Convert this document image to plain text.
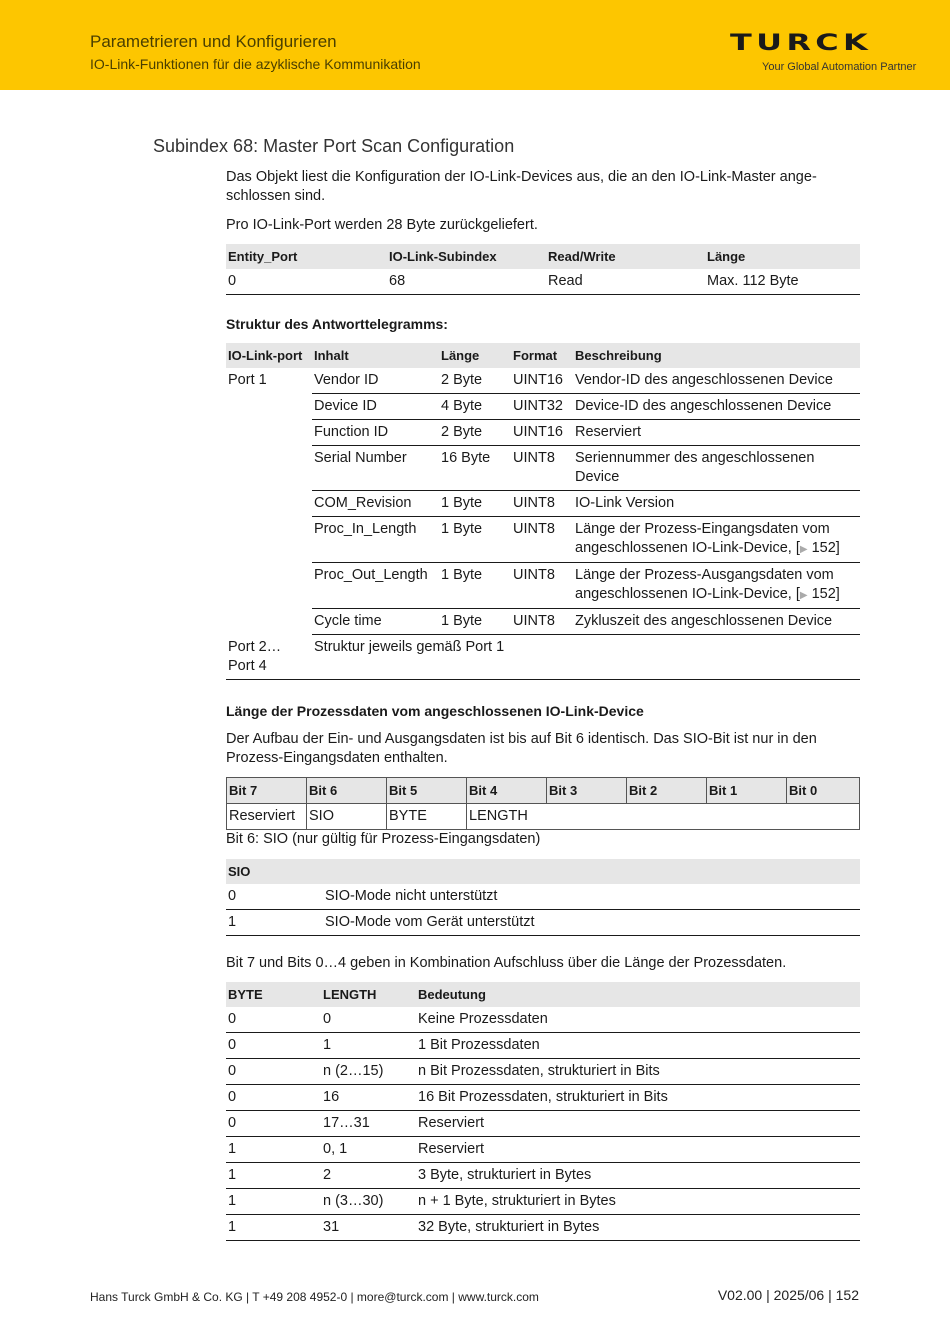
Parametrieren und Konfigurieren
IO-Link-Funktionen für die azyklische Kommunikation
TURCK
Your Global Automation Partner
Subindex 68: Master Port Scan Configuration

Das Objekt liest die Konfiguration der IO-Link-Devices aus, die an den IO-Link-Master angeschlossen sind.

Pro IO-Link-Port werden 28 Byte zurückgeliefert.

Entity_Port	IO-Link-Subindex	Read/Write	Länge
0	68	Read	Max. 112 Byte
Struktur des Antworttelegramms:
IO-Link-port	Inhalt	Länge	Format	Beschreibung
Port 1	Vendor ID	2 Byte	UINT16	Vendor-ID des angeschlossenen Device
	Device ID	4 Byte	UINT32	Device-ID des angeschlossenen Device
	Function ID	2 Byte	UINT16	Reserviert
	Serial Number	16 Byte	UINT8	Seriennummer des angeschlossenen Device
	COM_Revision	1 Byte	UINT8	IO-Link Version
	Proc_In_Length	1 Byte	UINT8	Länge der Prozess-Eingangsdaten vom angeschlossenen IO-Link-Device, [▶ 152]
	Proc_Out_Length	1 Byte	UINT8	Länge der Prozess-Ausgangsdaten vom angeschlossenen IO-Link-Device, [▶ 152]
	Cycle time	1 Byte	UINT8	Zykluszeit des angeschlossenen Device
Port 2… Port 4	Struktur jeweils gemäß Port 1			
Länge der Prozessdaten vom angeschlossenen IO-Link-Device

Der Aufbau der Ein- und Ausgangsdaten ist bis auf Bit 6 identisch. Das SIO-Bit ist nur in den Prozess-Eingangsdaten enthalten.

Bit 7	Bit 6	Bit 5	Bit 4	Bit 3	Bit 2	Bit 1	Bit 0
Reserviert	SIO	BYTE	LENGTH				

Bit 6: SIO (nur gültig für Prozess-Eingangsdaten)

SIO	
0	SIO-Mode nicht unterstützt
1	SIO-Mode vom Gerät unterstützt

Bit 7 und Bits 0…4 geben in Kombination Aufschluss über die Länge der Prozessdaten.

BYTE	LENGTH	Bedeutung
0	0	Keine Prozessdaten
0	1	1 Bit Prozessdaten
0	n (2…15)	n Bit Prozessdaten, strukturiert in Bits
0	16	16 Bit Prozessdaten, strukturiert in Bits
0	17…31	Reserviert
1	0, 1	Reserviert
1	2	3 Byte, strukturiert in Bytes
1	n (3…30)	n + 1 Byte, strukturiert in Bytes
1	31	32 Byte, strukturiert in Bytes
Hans Turck GmbH & Co. KG | T +49 208 4952-0 | more@turck.com | www.turck.com	V02.00 | 2025/06 | 152
